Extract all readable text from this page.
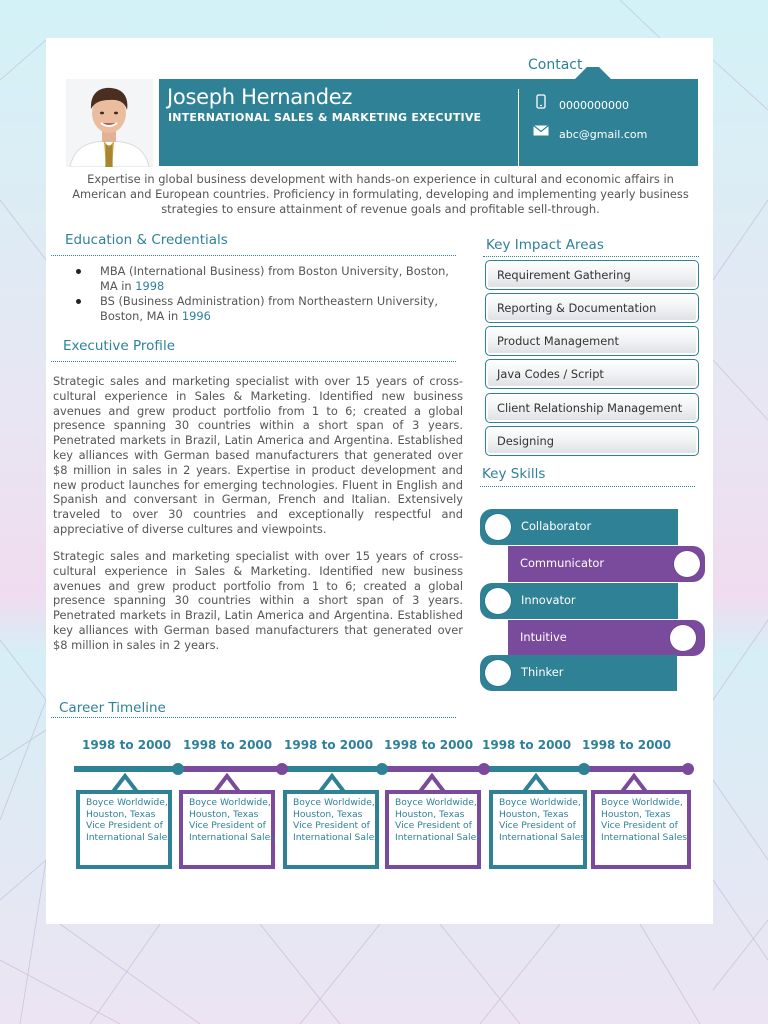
Contact
Joseph Hernandez
INTERNATIONAL SALES & MARKETING EXECUTIVE
0000000000
abc@gmail.com
Expertise in global business development with hands-on experience in cultural and economic affairs in American and European countries. Proficiency in formulating, developing and implementing yearly business strategies to ensure attainment of revenue goals and profitable sell-through.
Education & Credentials
MBA (International Business) from Boston University, Boston, MA in 1998
BS (Business Administration) from Northeastern University, Boston, MA in 1996
Executive Profile
Strategic sales and marketing specialist with over 15 years of cross-cultural experience in Sales & Marketing. Identified new business avenues and grew product portfolio from 1 to 6; created a global presence spanning 30 countries within a short span of 3 years. Penetrated markets in Brazil, Latin America and Argentina. Established key alliances with German based manufacturers that generated over $8 million in sales in 2 years. Expertise in product development and new product launches for emerging technologies. Fluent in English and Spanish and conversant in German, French and Italian. Extensively traveled to over 30 countries and exceptionally respectful and appreciative of diverse cultures and viewpoints.
Strategic sales and marketing specialist with over 15 years of cross-cultural experience in Sales & Marketing. Identified new business avenues and grew product portfolio from 1 to 6; created a global presence spanning 30 countries within a short span of 3 years. Penetrated markets in Brazil, Latin America and Argentina. Established key alliances with German based manufacturers that generated over $8 million in sales in 2 years.
Key Impact Areas
Requirement Gathering
Reporting & Documentation
Product Management
Java Codes / Script
Client Relationship Management
Designing
Key Skills
Collaborator
Communicator
Innovator
Intuitive
Thinker
Career Timeline
1998 to 2000 1998 to 2000 1998 to 2000 1998 to 2000 1998 to 2000 1998 to 2000
Boyce Worldwide,
Houston, Texas
Vice President of
International Sales
Boyce Worldwide,
Houston, Texas
Vice President of
International Sales
Boyce Worldwide,
Houston, Texas
Vice President of
International Sales
Boyce Worldwide,
Houston, Texas
Vice President of
International Sales
Boyce Worldwide,
Houston, Texas
Vice President of
International Sales
Boyce Worldwide,
Houston, Texas
Vice President of
International Sales
